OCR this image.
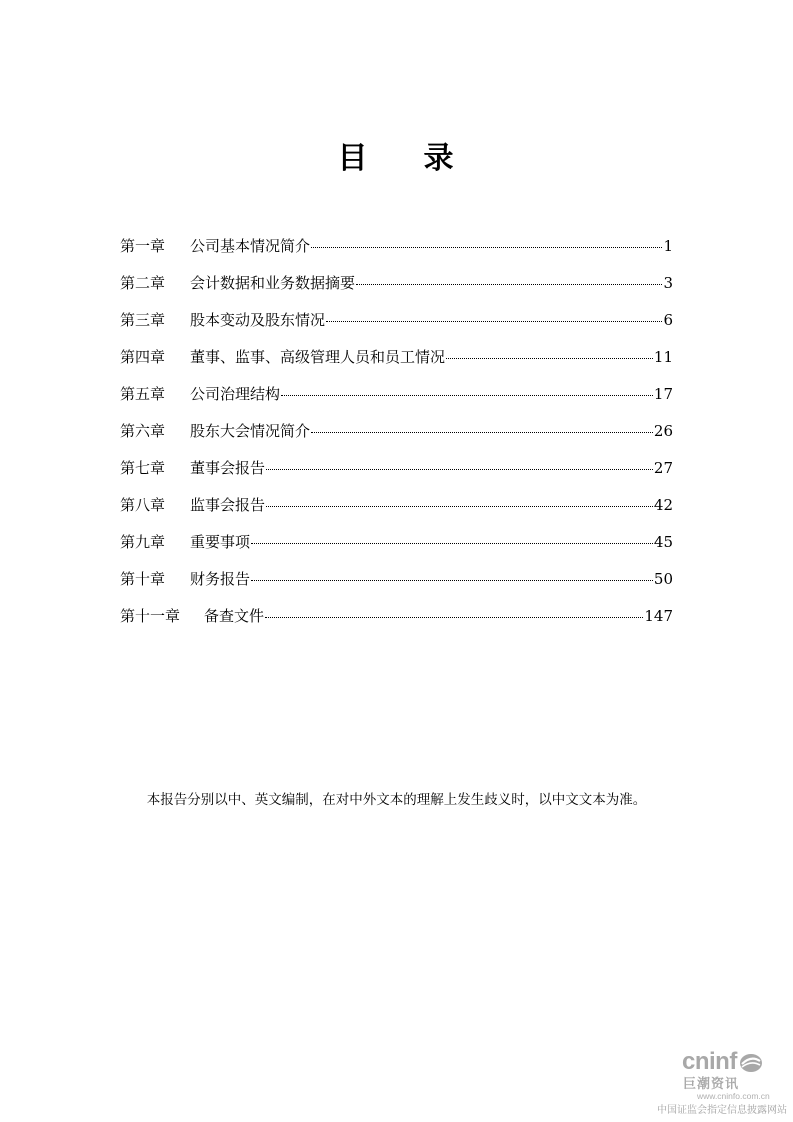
目 录
第一章	公司基本情况简介	1
第二章	会计数据和业务数据摘要	3
第三章	股本变动及股东情况	6
第四章	董事、监事、高级管理人员和员工情况	11
第五章	公司治理结构	17
第六章	股东大会情况简介	26
第七章	董事会报告	27
第八章	监事会报告	42
第九章	重要事项	45
第十章	财务报告	50
第十一章	备查文件	147
本报告分别以中、英文编制，在对中外文本的理解上发生歧义时，以中文文本为准。
cninf
巨潮资讯
www.cninfo.com.cn
中国证监会指定信息披露网站
